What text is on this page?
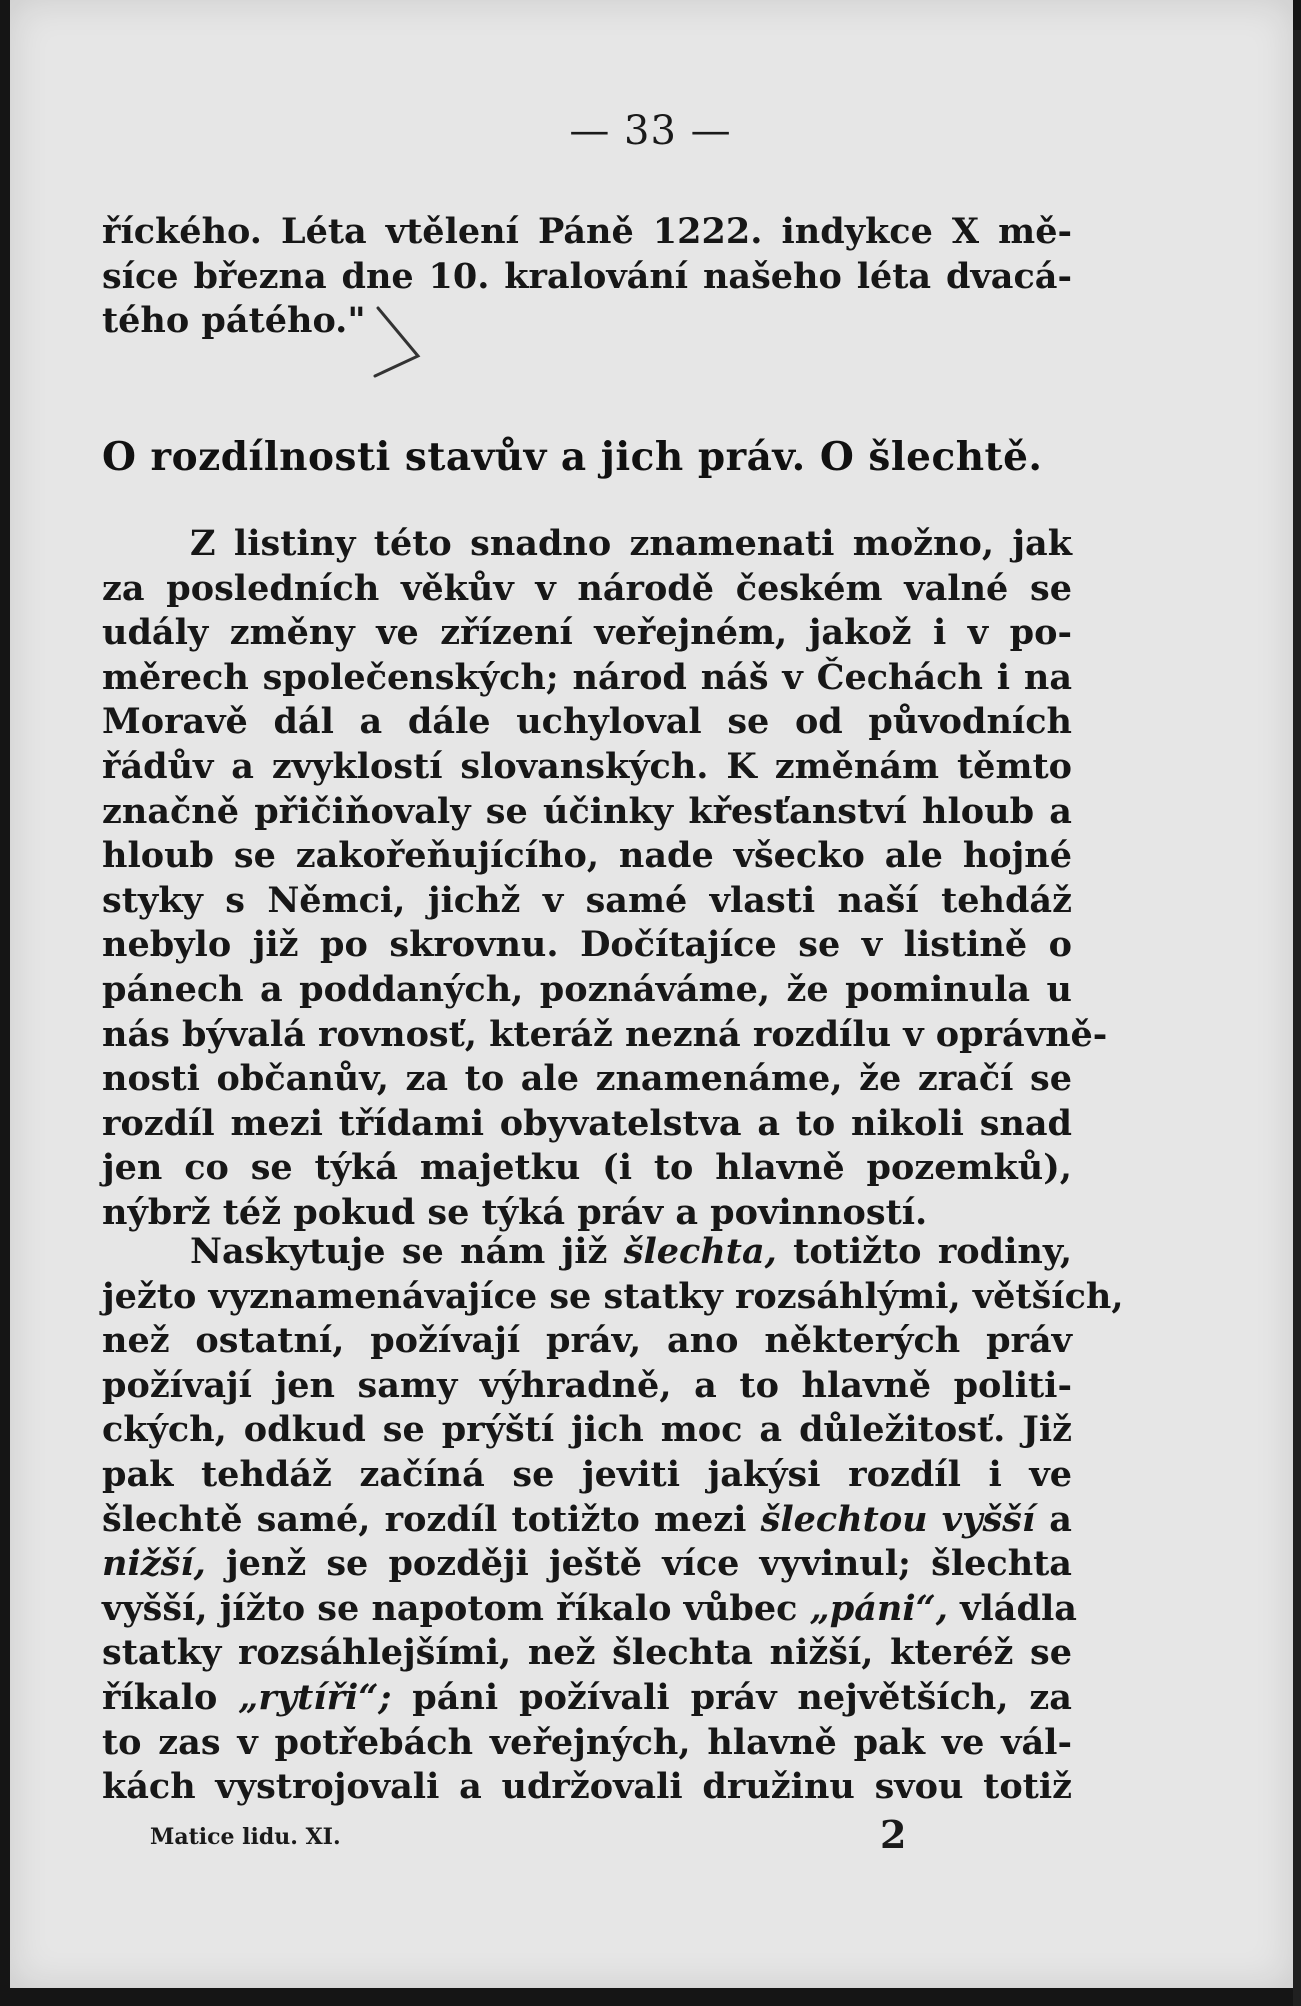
— 33 —
říckého. Léta vtělení Páně 1222. indykce X mě-
síce března dne 10. kralování našeho léta dvacá-
tého pátého."
O rozdílnosti stavův a jich práv. O šlechtě.
Z listiny této snadno znamenati možno, jak
za posledních věkův v národě českém valné se
udály změny ve zřízení veřejném, jakož i v po-
měrech společenských; národ náš v Čechách i na
Moravě dál a dále uchyloval se od původních
řádův a zvyklostí slovanských. K změnám těmto
značně přičiňovaly se účinky křesťanství hloub a
hloub se zakořeňujícího, nade všecko ale hojné
styky s Němci, jichž v samé vlasti naší tehdáž
nebylo již po skrovnu. Dočítajíce se v listině o
pánech a poddaných, poznáváme, že pominula u
nás bývalá rovnosť, kteráž nezná rozdílu v oprávně-
nosti občanův, za to ale znamenáme, že zračí se
rozdíl mezi třídami obyvatelstva a to nikoli snad
jen co se týká majetku (i to hlavně pozemků),
nýbrž též pokud se týká práv a povinností.
Naskytuje se nám již šlechta, totižto rodiny,
ježto vyznamenávajíce se statky rozsáhlými, větších,
než ostatní, požívají práv, ano některých práv
požívají jen samy výhradně, a to hlavně politi-
ckých, odkud se prýští jich moc a důležitosť. Již
pak tehdáž začíná se jeviti jakýsi rozdíl i ve
šlechtě samé, rozdíl totižto mezi šlechtou vyšší a
nižší, jenž se později ještě více vyvinul; šlechta
vyšší, jížto se napotom říkalo vůbec „páni“, vládla
statky rozsáhlejšími, než šlechta nižší, kteréž se
říkalo „rytíři“; páni požívali práv největších, za
to zas v potřebách veřejných, hlavně pak ve vál-
kách vystrojovali a udržovali družinu svou totiž
Matice lidu. XI.	2
